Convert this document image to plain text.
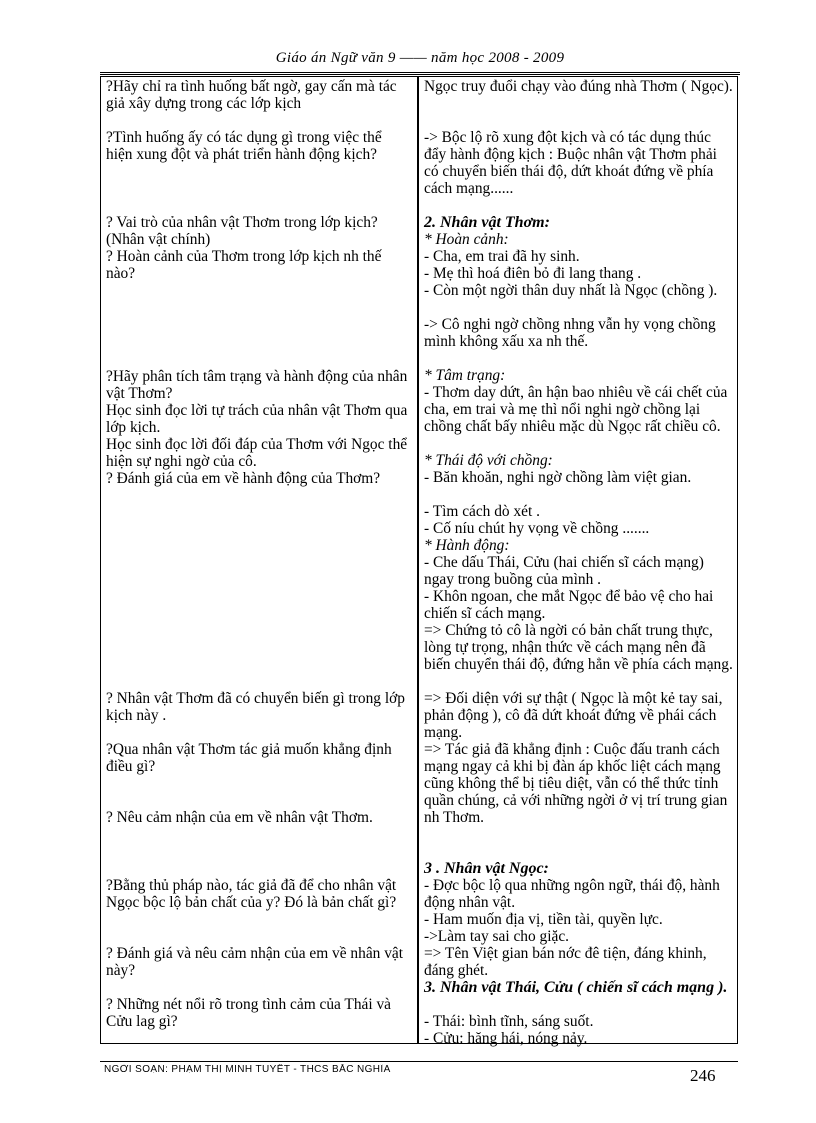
Giáo án Ngữ văn 9 —— năm học 2008 - 2009

?Hãy chỉ ra tình huống bất ngờ, gay cấn mà tác giả xây dựng trong các lớp kịch

?Tình huống ấy có tác dụng gì trong việc thể hiện xung đột và phát triển hành động kịch?

? Vai trò của nhân vật Thơm trong lớp kịch? (Nhân vật chính)

? Hoàn cảnh của Thơm trong lớp kịch nh thế nào?

?Hãy phân tích tâm trạng và hành động của nhân vật Thơm?

Học sinh đọc lời tự trách của nhân vật Thơm qua lớp kịch.

Học sinh đọc lời đối đáp của Thơm với Ngọc thể hiện sự nghi ngờ của cô.

? Đánh giá của em về hành động của Thơm?

? Nhân vật Thơm đã có chuyển biến gì trong lớp kịch này .

?Qua nhân vật Thơm tác giả muốn khẳng định điều gì?

? Nêu cảm nhận của em về nhân vật Thơm.

?Bằng thủ pháp nào, tác giả đã để cho nhân vật Ngọc bộc lộ bản chất của y? Đó là bản chất gì?

? Đánh giá và nêu cảm nhận của em về nhân vật này?

? Những nét nổi rõ trong tình cảm của Thái và Cửu lag gì?

Ngọc truy đuổi chạy vào đúng nhà Thơm ( Ngọc).

-> Bộc lộ rõ xung đột kịch và có tác dụng thúc đẩy hành động kịch : Buộc nhân vật Thơm phải có chuyển biến thái độ, dứt khoát đứng về phía cách mạng......

2. Nhân vật Thơm:

* Hoàn cảnh:

- Cha, em trai đã hy sinh.

- Mẹ thì hoá điên bỏ đi lang thang .

- Còn một ngời thân duy nhất là Ngọc (chồng ).

-> Cô nghi ngờ chồng nhng vẫn hy vọng chồng mình không xấu xa nh thế.

* Tâm trạng:

- Thơm day dứt, ân hận bao nhiêu về cái chết của cha, em trai và mẹ thì nổi nghi ngờ chồng lại chồng chất bấy nhiêu mặc dù Ngọc rất chiều cô.

* Thái độ với chồng:

- Băn khoăn, nghi ngờ chồng làm việt gian.

- Tìm cách dò xét .

- Cố níu chút hy vọng về chồng .......

* Hành động:

- Che dấu Thái, Cửu (hai chiến sĩ cách mạng) ngay trong buồng của mình .

- Khôn ngoan, che mắt Ngọc để bảo vệ cho hai chiến sĩ cách mạng.

=> Chứng tỏ cô là ngời có bản chất trung thực, lòng tự trọng, nhận thức về cách mạng nên đã biến chuyển thái độ, đứng hẳn về phía cách mạng.

=> Đối diện với sự thật ( Ngọc là một kẻ tay sai, phản động ), cô đã dứt khoát đứng về phái cách mạng.

=> Tác giả đã khẳng định : Cuộc đấu tranh cách mạng ngay cả khi bị đàn áp khốc liệt cách mạng cũng không thể bị tiêu diệt, vẫn có thể thức tỉnh quần chúng, cả với những ngời ở vị trí trung gian nh Thơm.

3 . Nhân vật Ngọc:

- Đợc bộc lộ qua những ngôn ngữ, thái độ, hành động nhân vật.

- Ham muốn địa vị, tiền tài, quyền lực.

->Làm tay sai cho giặc.

=> Tên Việt gian bán nớc đê tiện, đáng khinh, đáng ghét.

3. Nhân vật Thái, Cửu ( chiến sĩ cách mạng ).

- Thái: bình tĩnh, sáng suốt.

- Cửu: hăng hái, nóng nảy.

NGỜI SOẠN: PHẠM THỊ MINH TUYẾT - THCS BẮC NGHĨA	246
